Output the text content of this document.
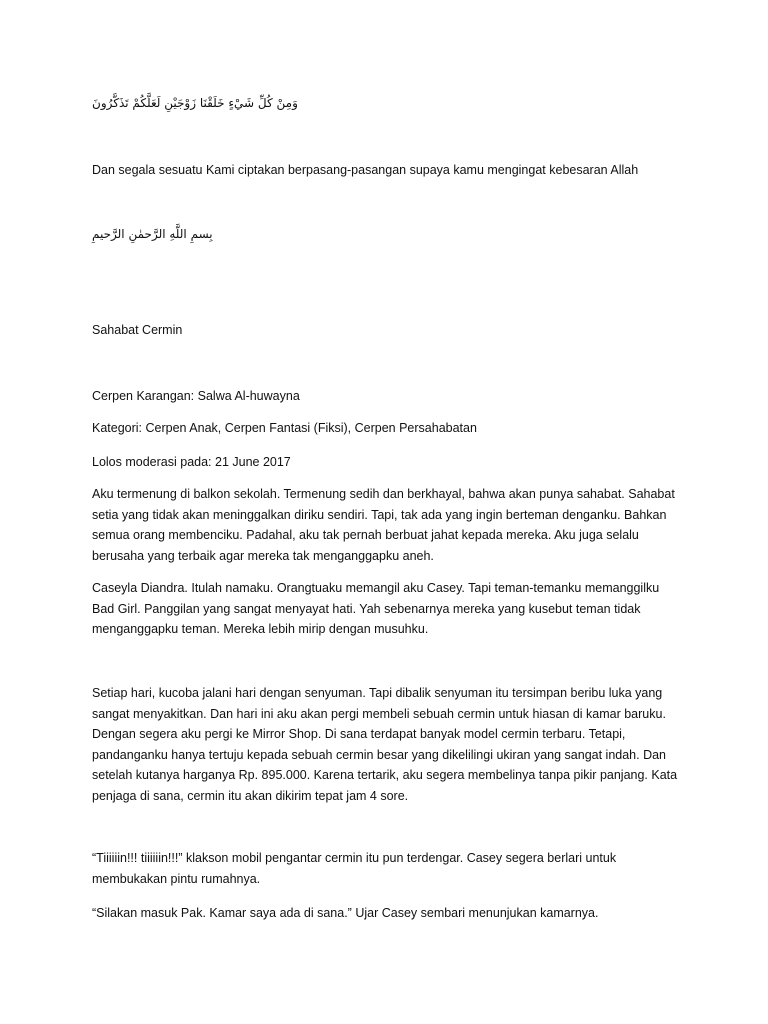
وَمِنْ كُلِّ شَيْءٍ خَلَقْنَا زَوْجَيْنِ لَعَلَّكُمْ تَذَكَّرُونَ
Dan segala sesuatu Kami ciptakan berpasang-pasangan supaya kamu mengingat kebesaran Allah
بِسمِ اللَّهِ الرَّحمٰنِ الرَّحيمِ
Sahabat Cermin
Cerpen Karangan: Salwa Al-huwayna
Kategori: Cerpen Anak, Cerpen Fantasi (Fiksi), Cerpen Persahabatan
Lolos moderasi pada: 21 June 2017

Aku termenung di balkon sekolah. Termenung sedih dan berkhayal, bahwa akan punya sahabat. Sahabat setia yang tidak akan meninggalkan diriku sendiri. Tapi, tak ada yang ingin berteman denganku. Bahkan semua orang membenciku. Padahal, aku tak pernah berbuat jahat kepada mereka. Aku juga selalu berusaha yang terbaik agar mereka tak menganggapku aneh.

Caseyla Diandra. Itulah namaku. Orangtuaku memangil aku Casey. Tapi teman-temanku memanggilku Bad Girl. Panggilan yang sangat menyayat hati. Yah sebenarnya mereka yang kusebut teman tidak menganggapku teman. Mereka lebih mirip dengan musuhku.

Setiap hari, kucoba jalani hari dengan senyuman. Tapi dibalik senyuman itu tersimpan beribu luka yang sangat menyakitkan. Dan hari ini aku akan pergi membeli sebuah cermin untuk hiasan di kamar baruku. Dengan segera aku pergi ke Mirror Shop. Di sana terdapat banyak model cermin terbaru. Tetapi, pandanganku hanya tertuju kepada sebuah cermin besar yang dikelilingi ukiran yang sangat indah. Dan setelah kutanya harganya Rp. 895.000. Karena tertarik, aku segera membelinya tanpa pikir panjang. Kata penjaga di sana, cermin itu akan dikirim tepat jam 4 sore.

“Tiiiiiin!!! tiiiiiin!!!” klakson mobil pengantar cermin itu pun terdengar. Casey segera berlari untuk membukakan pintu rumahnya.

“Silakan masuk Pak. Kamar saya ada di sana.” Ujar Casey sembari menunjukan kamarnya.
